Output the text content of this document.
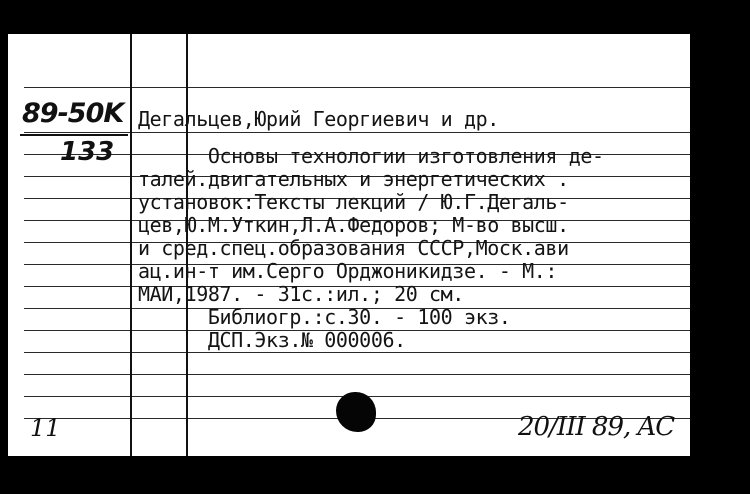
89-50K
133
Дегальцев,Юрий Георгиевич и др.
Основы технологии изготовления де-
талей.двигательных и энергетических .
установок:Тексты лекций / Ю.Г.Дегаль-
цев,Ю.М.Уткин,Л.А.Федоров; М-во высш.
и сред.спец.образования СССР,Моск.ави
ац.ин-т им.Серго Орджоникидзе. - М.:
МАИ,1987. - 31с.:ил.; 20 см.
Библиогр.:с.30. - 100 экз.
ДСП.Экз.№ 000006.
11	20/III 89, AC
